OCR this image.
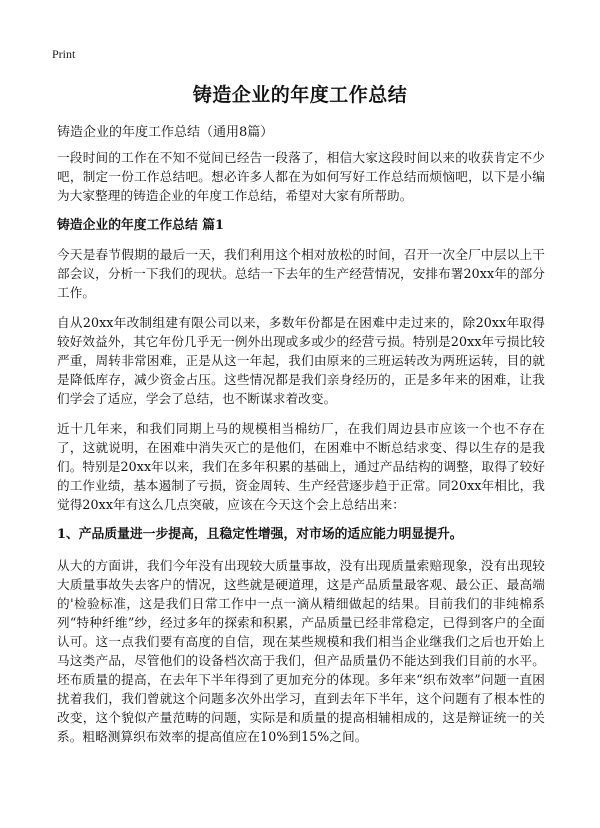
Print
铸造企业的年度工作总结

铸造企业的年度工作总结（通用8篇）

一段时间的工作在不知不觉间已经告一段落了，相信大家这段时间以来的收获肯定不少吧，制定一份工作总结吧。想必许多人都在为如何写好工作总结而烦恼吧，以下是小编为大家整理的铸造企业的年度工作总结，希望对大家有所帮助。

铸造企业的年度工作总结 篇1

今天是春节假期的最后一天，我们利用这个相对放松的时间，召开一次全厂中层以上干部会议，分析一下我们的现状。总结一下去年的生产经营情况，安排布署20xx年的部分工作。

自从20xx年改制组建有限公司以来，多数年份都是在困难中走过来的，除20xx年取得较好效益外，其它年份几乎无一例外出现或多或少的经营亏损。特别是20xx年亏损比较严重，周转非常困难，正是从这一年起，我们由原来的三班运转改为两班运转，目的就是降低库存，减少资金占压。这些情况都是我们亲身经历的，正是多年来的困难，让我们学会了适应，学会了总结，也不断谋求着改变。

近十几年来，和我们同期上马的规模相当棉纺厂，在我们周边县市应该一个也不存在了，这就说明，在困难中消失灭亡的是他们，在困难中不断总结求变、得以生存的是我们。特别是20xx年以来，我们在多年积累的基础上，通过产品结构的调整，取得了较好的工作业绩，基本遏制了亏损，资金周转、生产经营逐步趋于正常。同20xx年相比，我觉得20xx年有这么几点突破，应该在今天这个会上总结出来：

1、产品质量进一步提高，且稳定性增强，对市场的适应能力明显提升。

从大的方面讲，我们今年没有出现较大质量事故，没有出现质量索赔现象，没有出现较大质量事故失去客户的情况，这些就是硬道理，这是产品质量最客观、最公正、最高端的'检验标准，这是我们日常工作中一点一滴从精细做起的结果。目前我们的非纯棉系列“特种纤维”纱，经过多年的探索和积累，产品质量已经非常稳定，已得到客户的全面认可。这一点我们要有高度的自信，现在某些规模和我们相当企业继我们之后也开始上马这类产品，尽管他们的设备档次高于我们，但产品质量仍不能达到我们目前的水平。坯布质量的提高，在去年下半年得到了更加充分的体现。多年来“织布效率”问题一直困扰着我们，我们曾就这个问题多次外出学习，直到去年下半年，这个问题有了根本性的改变，这个貌似产量范畴的问题，实际是和质量的提高相辅相成的，这是辩证统一的关系。粗略测算织布效率的提高值应在10%到15%之间。
